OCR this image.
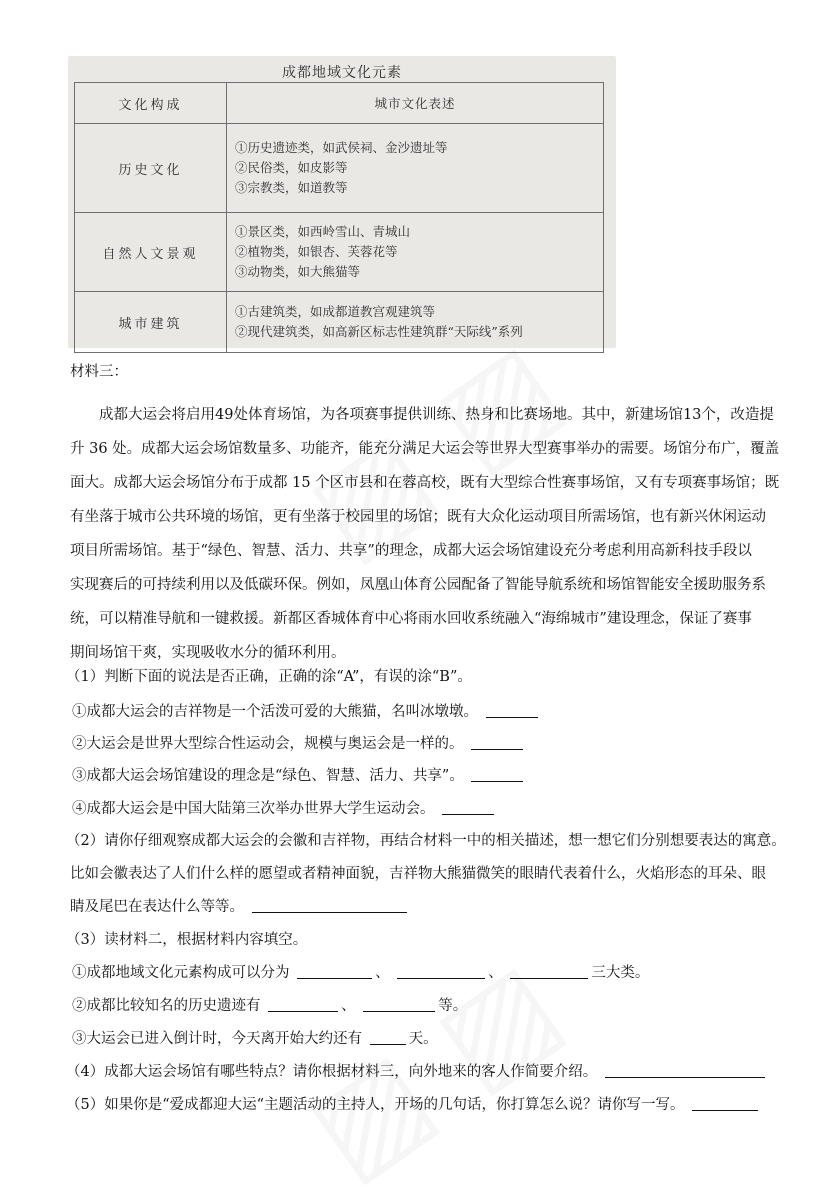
成都地域文化元素
文化构成	城市文化表述
历史文化	①历史遗迹类，如武侯祠、金沙遗址等
②民俗类，如皮影等
③宗教类，如道教等

自然人文景观	①景区类，如西岭雪山、青城山
②植物类，如银杏、芙蓉花等
③动物类，如大熊猫等

城市建筑	①古建筑类，如成都道教宫观建筑等
②现代建筑类，如高新区标志性建筑群“天际线”系列
材料三：
　　成都大运会将启用49处体育场馆，为各项赛事提供训练、热身和比赛场地。其中，新建场馆13个，改造提
升 36 处。成都大运会场馆数量多、功能齐，能充分满足大运会等世界大型赛事举办的需要。场馆分布广，覆盖
面大。成都大运会场馆分布于成都 15 个区市县和在蓉高校，既有大型综合性赛事场馆，又有专项赛事场馆；既
有坐落于城市公共环境的场馆，更有坐落于校园里的场馆；既有大众化运动项目所需场馆，也有新兴休闲运动
项目所需场馆。基于“绿色、智慧、活力、共享”的理念，成都大运会场馆建设充分考虑利用高新科技手段以
实现赛后的可持续利用以及低碳环保。例如，凤凰山体育公园配备了智能导航系统和场馆智能安全援助服务系
统，可以精准导航和一键救援。新都区香城体育中心将雨水回收系统融入“海绵城市”建设理念，保证了赛事
期间场馆干爽，实现吸收水分的循环利用。
（1）判断下面的说法是否正确，正确的涂“A”，有误的涂“B”。
①成都大运会的吉祥物是一个活泼可爱的大熊猫，名叫冰墩墩。
②大运会是世界大型综合性运动会，规模与奥运会是一样的。
③成都大运会场馆建设的理念是“绿色、智慧、活力、共享”。
④成都大运会是中国大陆第三次举办世界大学生运动会。
（2）请你仔细观察成都大运会的会徽和吉祥物，再结合材料一中的相关描述，想一想它们分别想要表达的寓意。
比如会徽表达了人们什么样的愿望或者精神面貌，吉祥物大熊猫微笑的眼睛代表着什么，火焰形态的耳朵、眼
睛及尾巴在表达什么等等。
（3）读材料二，根据材料内容填空。
①成都地域文化元素构成可以分为	、	、	三大类。
②成都比较知名的历史遗迹有	、	等。
③大运会已进入倒计时，今天离开始大约还有	天。
（4）成都大运会场馆有哪些特点？请你根据材料三，向外地来的客人作简要介绍。
（5）如果你是“爱成都迎大运“主题活动的主持人，开场的几句话，你打算怎么说？请你写一写。
